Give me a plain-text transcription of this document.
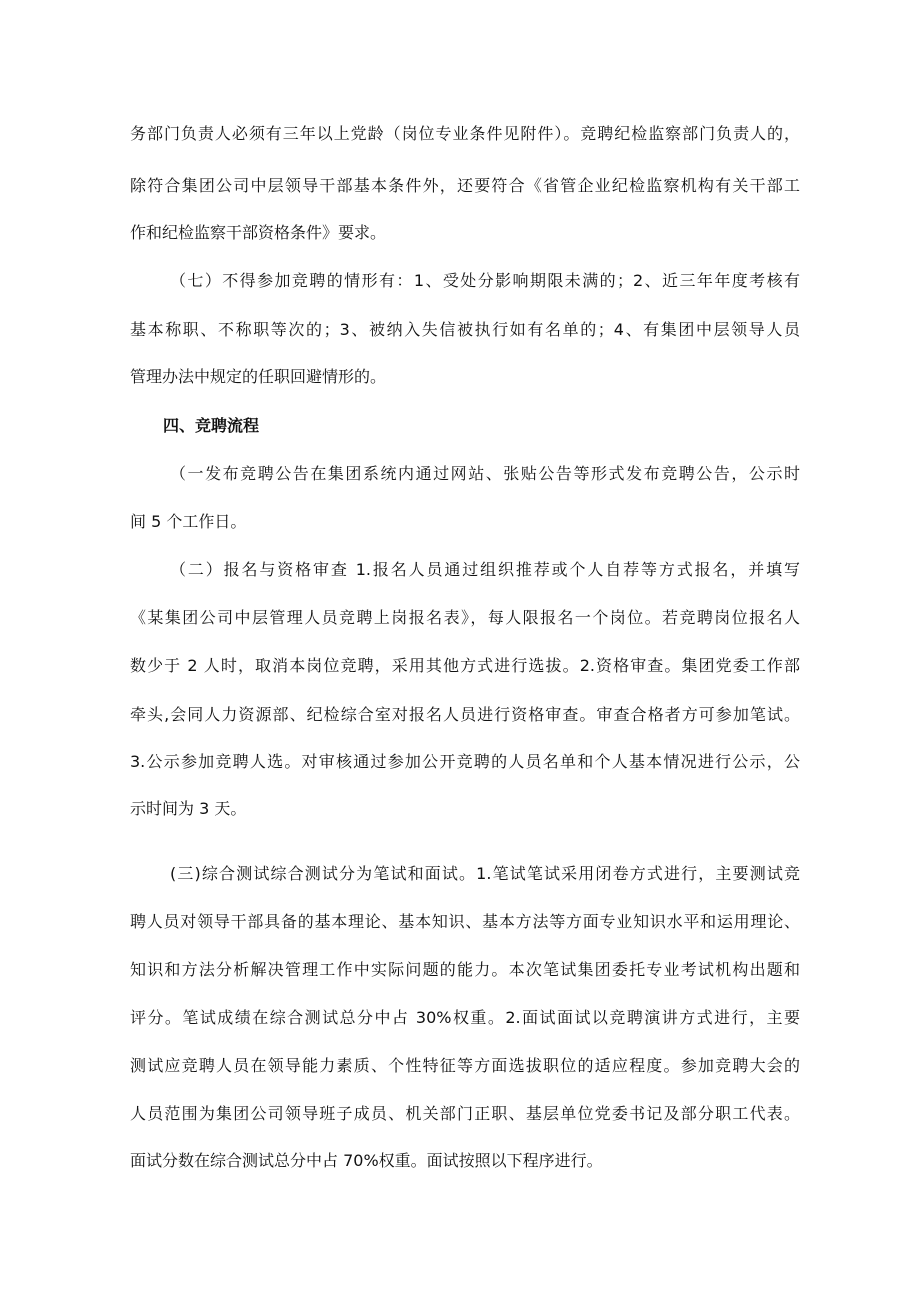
务部门负责人必须有三年以上党龄（岗位专业条件见附件）。竞聘纪检监察部门负责人的，
除符合集团公司中层领导干部基本条件外，还要符合《省管企业纪检监察机构有关干部工
作和纪检监察干部资格条件》要求。
（七）不得参加竞聘的情形有：1、受处分影响期限未满的；2、近三年年度考核有
基本称职、不称职等次的；3、被纳入失信被执行如有名单的；4、有集团中层领导人员
管理办法中规定的任职回避情形的。
四、竞聘流程
（一发布竞聘公告在集团系统内通过网站、张贴公告等形式发布竞聘公告，公示时
间 5 个工作日。
（二）报名与资格审查 1.报名人员通过组织推荐或个人自荐等方式报名，并填写
《某集团公司中层管理人员竞聘上岗报名表》，每人限报名一个岗位。若竞聘岗位报名人
数少于 2 人时，取消本岗位竞聘，采用其他方式进行选拔。2.资格审查。集团党委工作部
牵头,会同人力资源部、纪检综合室对报名人员进行资格审查。审查合格者方可参加笔试。
3.公示参加竞聘人选。对审核通过参加公开竞聘的人员名单和个人基本情况进行公示，公
示时间为 3 天。
(三)综合测试综合测试分为笔试和面试。1.笔试笔试采用闭卷方式进行，主要测试竞
聘人员对领导干部具备的基本理论、基本知识、基本方法等方面专业知识水平和运用理论、
知识和方法分析解决管理工作中实际问题的能力。本次笔试集团委托专业考试机构出题和
评分。笔试成绩在综合测试总分中占 30%权重。2.面试面试以竞聘演讲方式进行，主要
测试应竞聘人员在领导能力素质、个性特征等方面选拔职位的适应程度。参加竞聘大会的
人员范围为集团公司领导班子成员、机关部门正职、基层单位党委书记及部分职工代表。
面试分数在综合测试总分中占 70%权重。面试按照以下程序进行。
